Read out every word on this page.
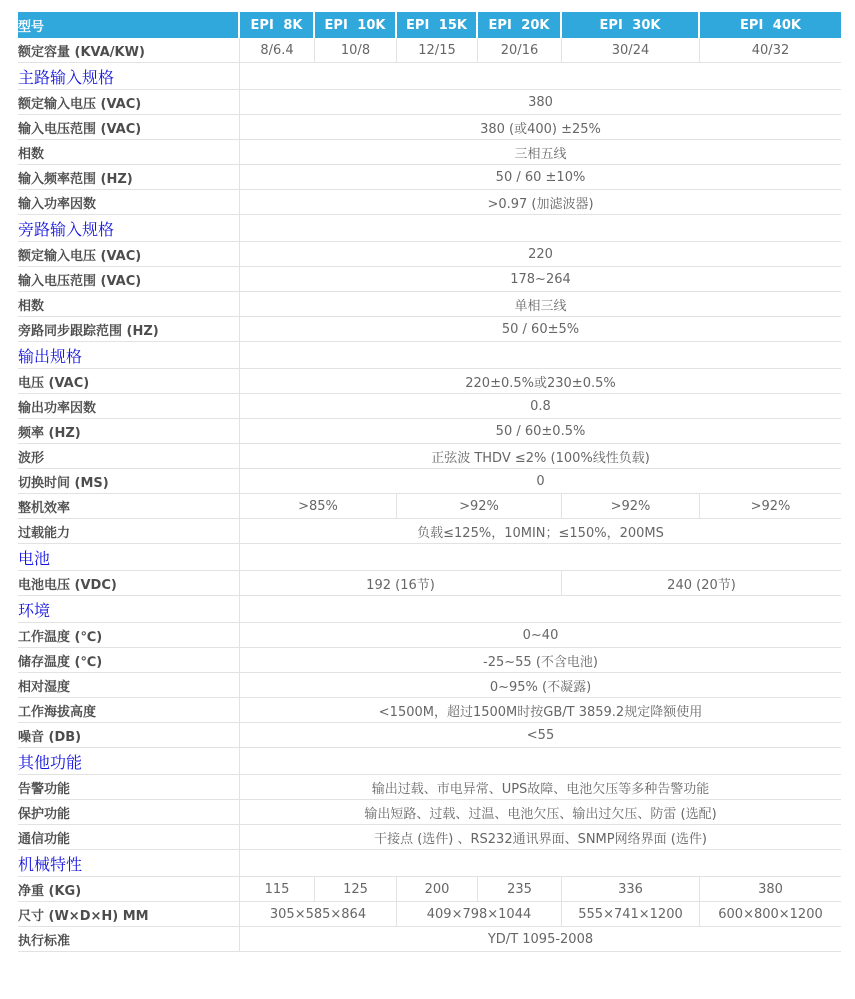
型号	EPI 8K	EPI 10K	EPI 15K	EPI 20K	EPI 30K	EPI 40K
额定容量 (KVA/KW)	8/6.4	10/8	12/15	20/16	30/24	40/32
主路输入规格						
额定输入电压 (VAC)	380					
输入电压范围 (VAC)	380 (或400) ±25%					
相数	三相五线					
输入频率范围 (HZ)	50 / 60 ±10%					
输入功率因数	>0.97 (加滤波器)					
旁路输入规格						
额定输入电压 (VAC)	220					
输入电压范围 (VAC)	178~264					
相数	单相三线					
旁路同步跟踪范围 (HZ)	50 / 60±5%					
输出规格						
电压 (VAC)	220±0.5%或230±0.5%					
输出功率因数	0.8					
频率 (HZ)	50 / 60±0.5%					
波形	正弦波 THDV ≤2% (100%线性负载)					
切换时间 (MS)	0					
整机效率	>85%		>92%		>92%	>92%
过载能力	负载≤125%，10MIN；≤150%，200MS					
电池						
电池电压 (VDC)	192 (16节)				240 (20节)	
环境						
工作温度 (℃)	0~40					
储存温度 (℃)	-25~55 (不含电池)					
相对湿度	0~95% (不凝露)					
工作海拔高度	<1500M，超过1500M时按GB/T 3859.2规定降额使用					
噪音 (DB)	<55					
其他功能						
告警功能	输出过载、市电异常、UPS故障、电池欠压等多种告警功能					
保护功能	输出短路、过载、过温、电池欠压、输出过欠压、防雷 (选配)					
通信功能	干接点 (选件) 、RS232通讯界面、SNMP网络界面 (选件)					
机械特性						
净重 (KG)	115	125	200	235	336	380
尺寸 (W×D×H) MM	305×585×864		409×798×1044		555×741×1200	600×800×1200
执行标准	YD/T 1095-2008					
